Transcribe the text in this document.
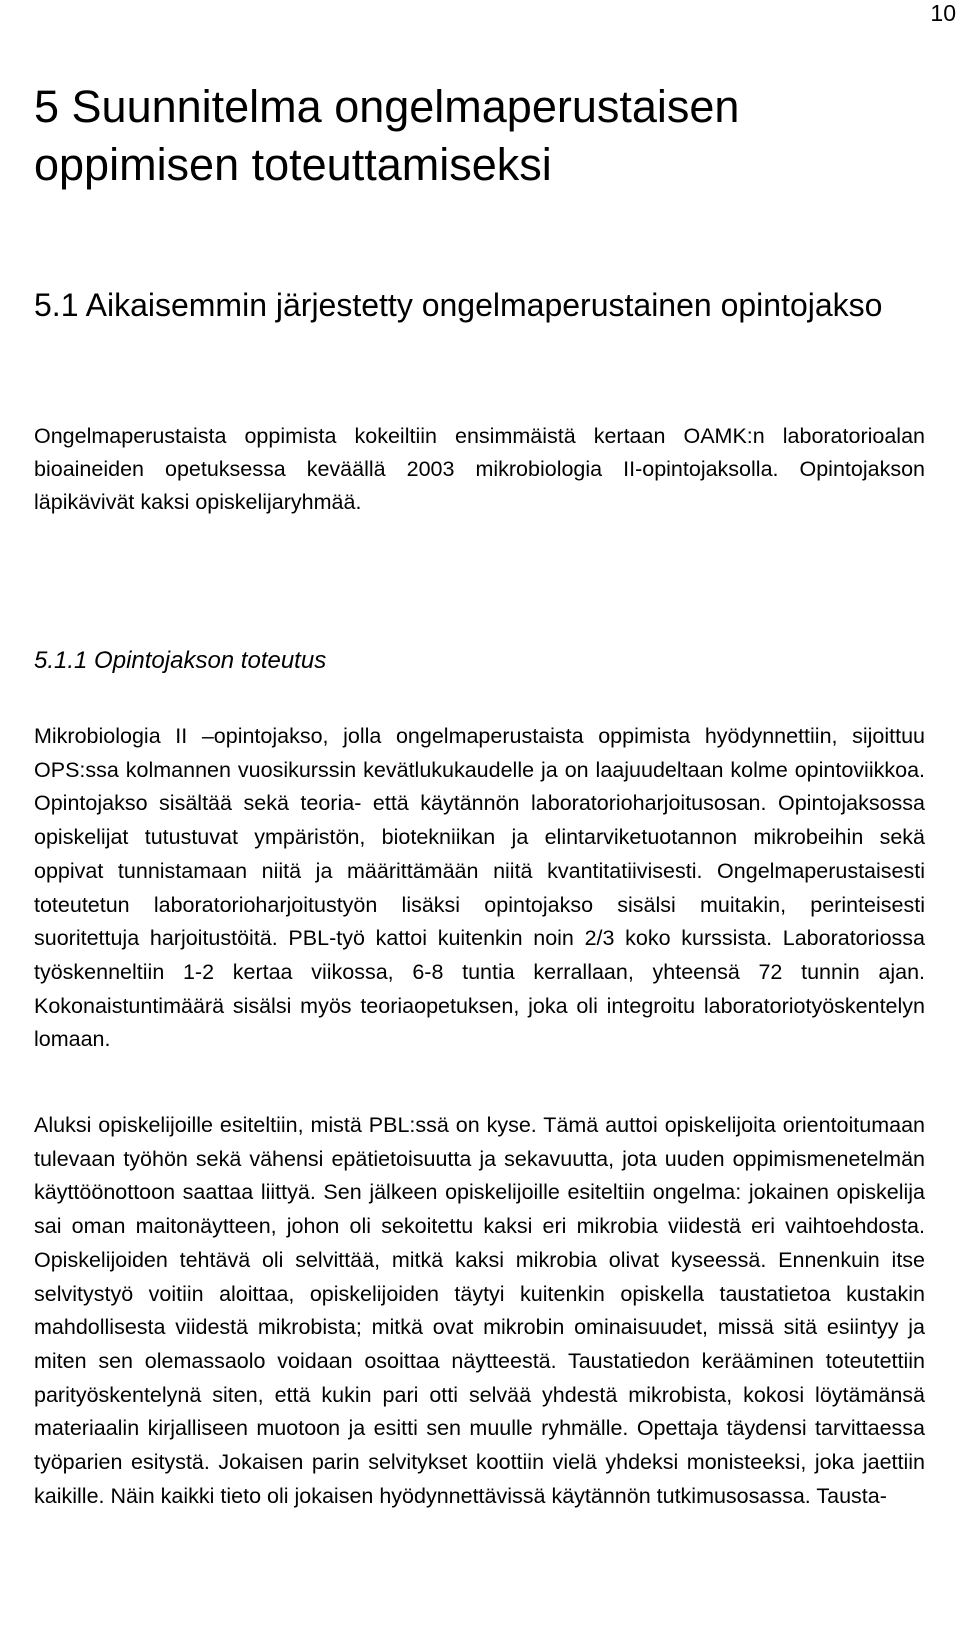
10
5 Suunnitelma ongelmaperustaisen oppimisen toteuttamiseksi
5.1 Aikaisemmin järjestetty ongelmaperustainen opintojakso

Ongelmaperustaista oppimista kokeiltiin ensimmäistä kertaan OAMK:n laboratorioalan bioaineiden opetuksessa keväällä 2003 mikrobiologia II-opintojaksolla. Opintojakson läpikävivät kaksi opiskelijaryhmää.

5.1.1 Opintojakson toteutus

Mikrobiologia II –opintojakso, jolla ongelmaperustaista oppimista hyödynnettiin, sijoittuu OPS:ssa kolmannen vuosikurssin kevätlukukaudelle ja on laajuudeltaan kolme opintoviikkoa. Opintojakso sisältää sekä teoria- että käytännön laboratorioharjoitusosan. Opintojaksossa opiskelijat tutustuvat ympäristön, biotekniikan ja elintarviketuotannon mikrobeihin sekä oppivat tunnistamaan niitä ja määrittämään niitä kvantitatiivisesti. Ongelmaperustaisesti toteutetun laboratorioharjoitustyön lisäksi opintojakso sisälsi muitakin, perinteisesti suoritettuja harjoitustöitä. PBL-työ kattoi kuitenkin noin 2/3 koko kurssista. Laboratoriossa työskenneltiin 1-2 kertaa viikossa, 6-8 tuntia kerrallaan, yhteensä 72 tunnin ajan. Kokonaistuntimäärä sisälsi myös teoriaopetuksen, joka oli integroitu laboratoriotyöskentelyn lomaan.

Aluksi opiskelijoille esiteltiin, mistä PBL:ssä on kyse. Tämä auttoi opiskelijoita orientoitumaan tulevaan työhön sekä vähensi epätietoisuutta ja sekavuutta, jota uuden oppimismenetelmän käyttöönottoon saattaa liittyä. Sen jälkeen opiskelijoille esiteltiin ongelma: jokainen opiskelija sai oman maitonäytteen, johon oli sekoitettu kaksi eri mikrobia viidestä eri vaihtoehdosta. Opiskelijoiden tehtävä oli selvittää, mitkä kaksi mikrobia olivat kyseessä. Ennenkuin itse selvitystyö voitiin aloittaa, opiskelijoiden täytyi kuitenkin opiskella taustatietoa kustakin mahdollisesta viidestä mikrobista; mitkä ovat mikrobin ominaisuudet, missä sitä esiintyy ja miten sen olemassaolo voidaan osoittaa näytteestä. Taustatiedon kerääminen toteutettiin parityöskentelynä siten, että kukin pari otti selvää yhdestä mikrobista, kokosi löytämänsä materiaalin kirjalliseen muotoon ja esitti sen muulle ryhmälle. Opettaja täydensi tarvittaessa työparien esitystä. Jokaisen parin selvitykset koottiin vielä yhdeksi monisteeksi, joka jaettiin kaikille. Näin kaikki tieto oli jokaisen hyödynnettävissä käytännön tutkimusosassa. Tausta-
